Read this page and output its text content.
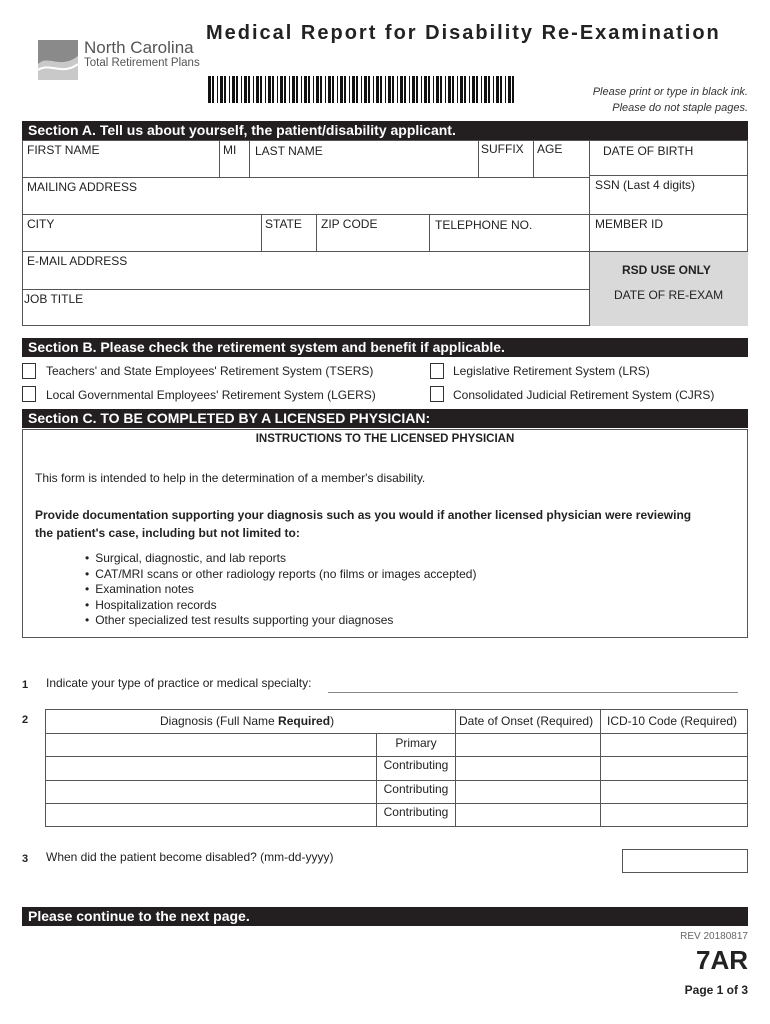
North Carolina
Total Retirement Plans
Medical Report for Disability Re-Examination
Please print or type in black ink.
Please do not staple pages.
Section A. Tell us about yourself, the patient/disability applicant.
FIRST NAME	MI LAST NAME	SUFFIX AGE	DATE OF BIRTH
MAILING ADDRESS	SSN (Last 4 digits)
CITY	STATE ZIP CODE	TELEPHONE NO.	MEMBER ID
E-MAIL ADDRESS
RSD USE ONLY
JOB TITLE	DATE OF RE-EXAM
Section B. Please check the retirement system and benefit if applicable.
Teachers' and State Employees' Retirement System (TSERS)	Legislative Retirement System (LRS)
Local Governmental Employees' Retirement System (LGERS)	Consolidated Judicial Retirement System (CJRS)
Section C. TO BE COMPLETED BY A LICENSED PHYSICIAN:
INSTRUCTIONS TO THE LICENSED PHYSICIAN
This form is intended to help in the determination of a member's disability.
Provide documentation supporting your diagnosis such as you would if another licensed physician were reviewing
the patient's case, including but not limited to:
• Surgical, diagnostic, and lab reports
• CAT/MRI scans or other radiology reports (no films or images accepted)
• Examination notes
• Hospitalization records
• Other specialized test results supporting your diagnoses
1 Indicate your type of practice or medical specialty:
2	Diagnosis (Full Name Required)	Date of Onset (Required) ICD-10 Code (Required)
Primary
Contributing
Contributing
Contributing
3 When did the patient become disabled? (mm-dd-yyyy)
Please continue to the next page.
REV 20180817
7AR
Page 1 of 3
